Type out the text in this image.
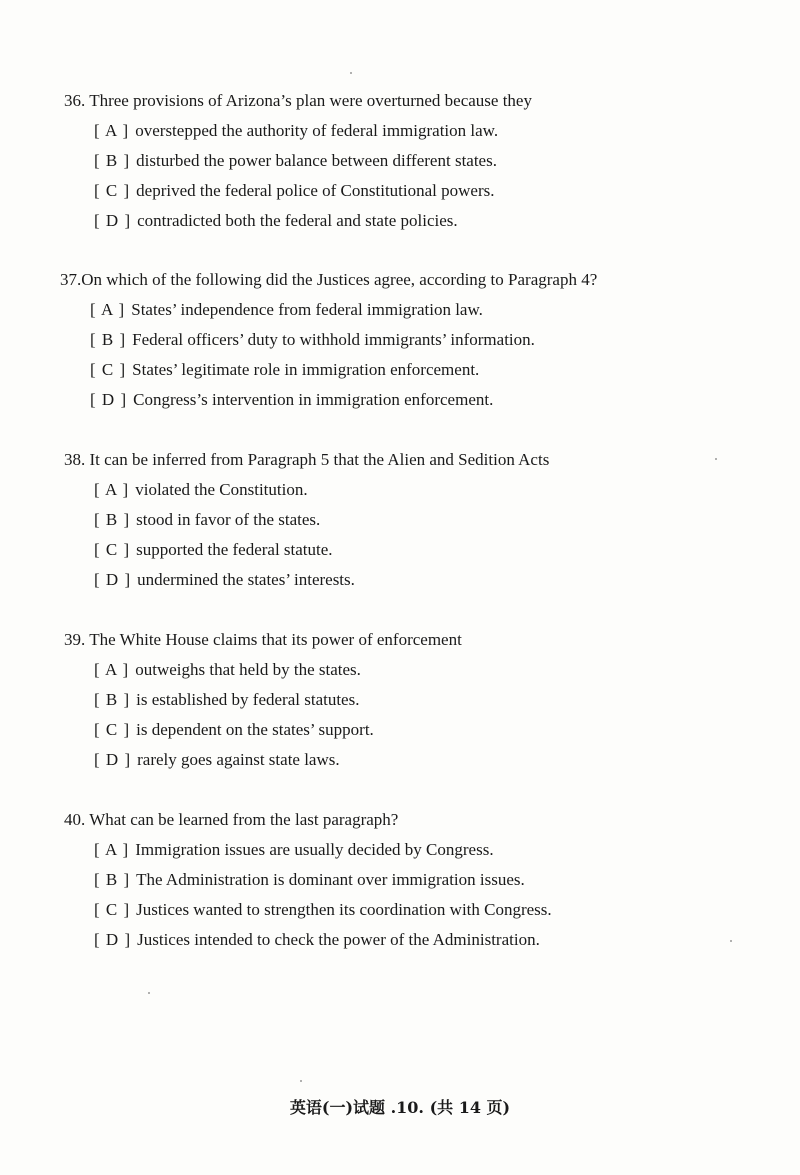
36. Three provisions of Arizona’s plan were overturned because they
[ A ] overstepped the authority of federal immigration law.
[ B ] disturbed the power balance between different states.
[ C ] deprived the federal police of Constitutional powers.
[ D ] contradicted both the federal and state policies.
37.On which of the following did the Justices agree, according to Paragraph 4?
[ A ] States’ independence from federal immigration law.
[ B ] Federal officers’ duty to withhold immigrants’ information.
[ C ] States’ legitimate role in immigration enforcement.
[ D ] Congress’s intervention in immigration enforcement.
38. It can be inferred from Paragraph 5 that the Alien and Sedition Acts
[ A ] violated the Constitution.
[ B ] stood in favor of the states.
[ C ] supported the federal statute.
[ D ] undermined the states’ interests.
39. The White House claims that its power of enforcement
[ A ] outweighs that held by the states.
[ B ] is established by federal statutes.
[ C ] is dependent on the states’ support.
[ D ] rarely goes against state laws.
40. What can be learned from the last paragraph?
[ A ] Immigration issues are usually decided by Congress.
[ B ] The Administration is dominant over immigration issues.
[ C ] Justices wanted to strengthen its coordination with Congress.
[ D ] Justices intended to check the power of the Administration.
英语(一)试题 .10. (共 14 页)
